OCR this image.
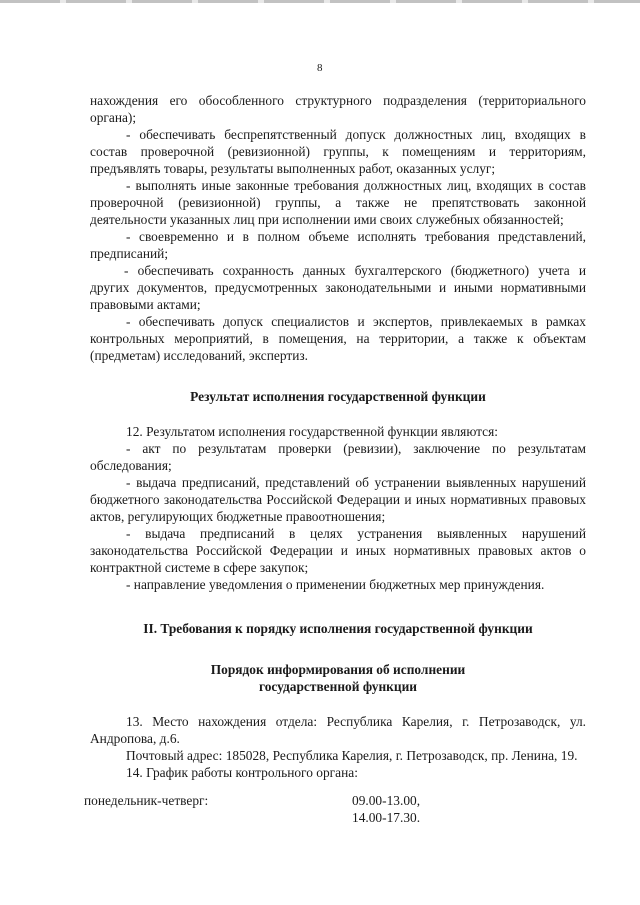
8

нахождения его обособленного структурного подразделения (территориального органа);

- обеспечивать беспрепятственный допуск должностных лиц, входящих в состав проверочной (ревизионной) группы, к помещениям и территориям, предъявлять товары, результаты выполненных работ, оказанных услуг;

- выполнять иные законные требования должностных лиц, входящих в состав проверочной (ревизионной) группы, а также не препятствовать законной деятельности указанных лиц при исполнении ими своих служебных обязанностей;

- своевременно и в полном объеме исполнять требования представлений, предписаний;

- обеспечивать сохранность данных бухгалтерского (бюджетного) учета и других документов, предусмотренных законодательными и иными нормативными правовыми актами;

- обеспечивать допуск специалистов и экспертов, привлекаемых в рамках контрольных мероприятий, в помещения, на территории, а также к объектам (предметам) исследований, экспертиз.

Результат исполнения государственной функции

12. Результатом исполнения государственной функции являются:

- акт по результатам проверки (ревизии), заключение по результатам обследования;

- выдача предписаний, представлений об устранении выявленных нарушений бюджетного законодательства Российской Федерации и иных нормативных правовых актов, регулирующих бюджетные правоотношения;

- выдача предписаний в целях устранения выявленных нарушений законодательства Российской Федерации и иных нормативных правовых актов о контрактной системе в сфере закупок;

- направление уведомления о применении бюджетных мер принуждения.

II. Требования к порядку исполнения государственной функции

Порядок информирования об исполнении

государственной функции

13. Место нахождения отдела: Республика Карелия, г. Петрозаводск, ул. Андропова, д.6.

Почтовый адрес: 185028, Республика Карелия, г. Петрозаводск, пр. Ленина, 19.

14. График работы контрольного органа:

понедельник-четверг:	09.00-13.00,
14.00-17.30.
